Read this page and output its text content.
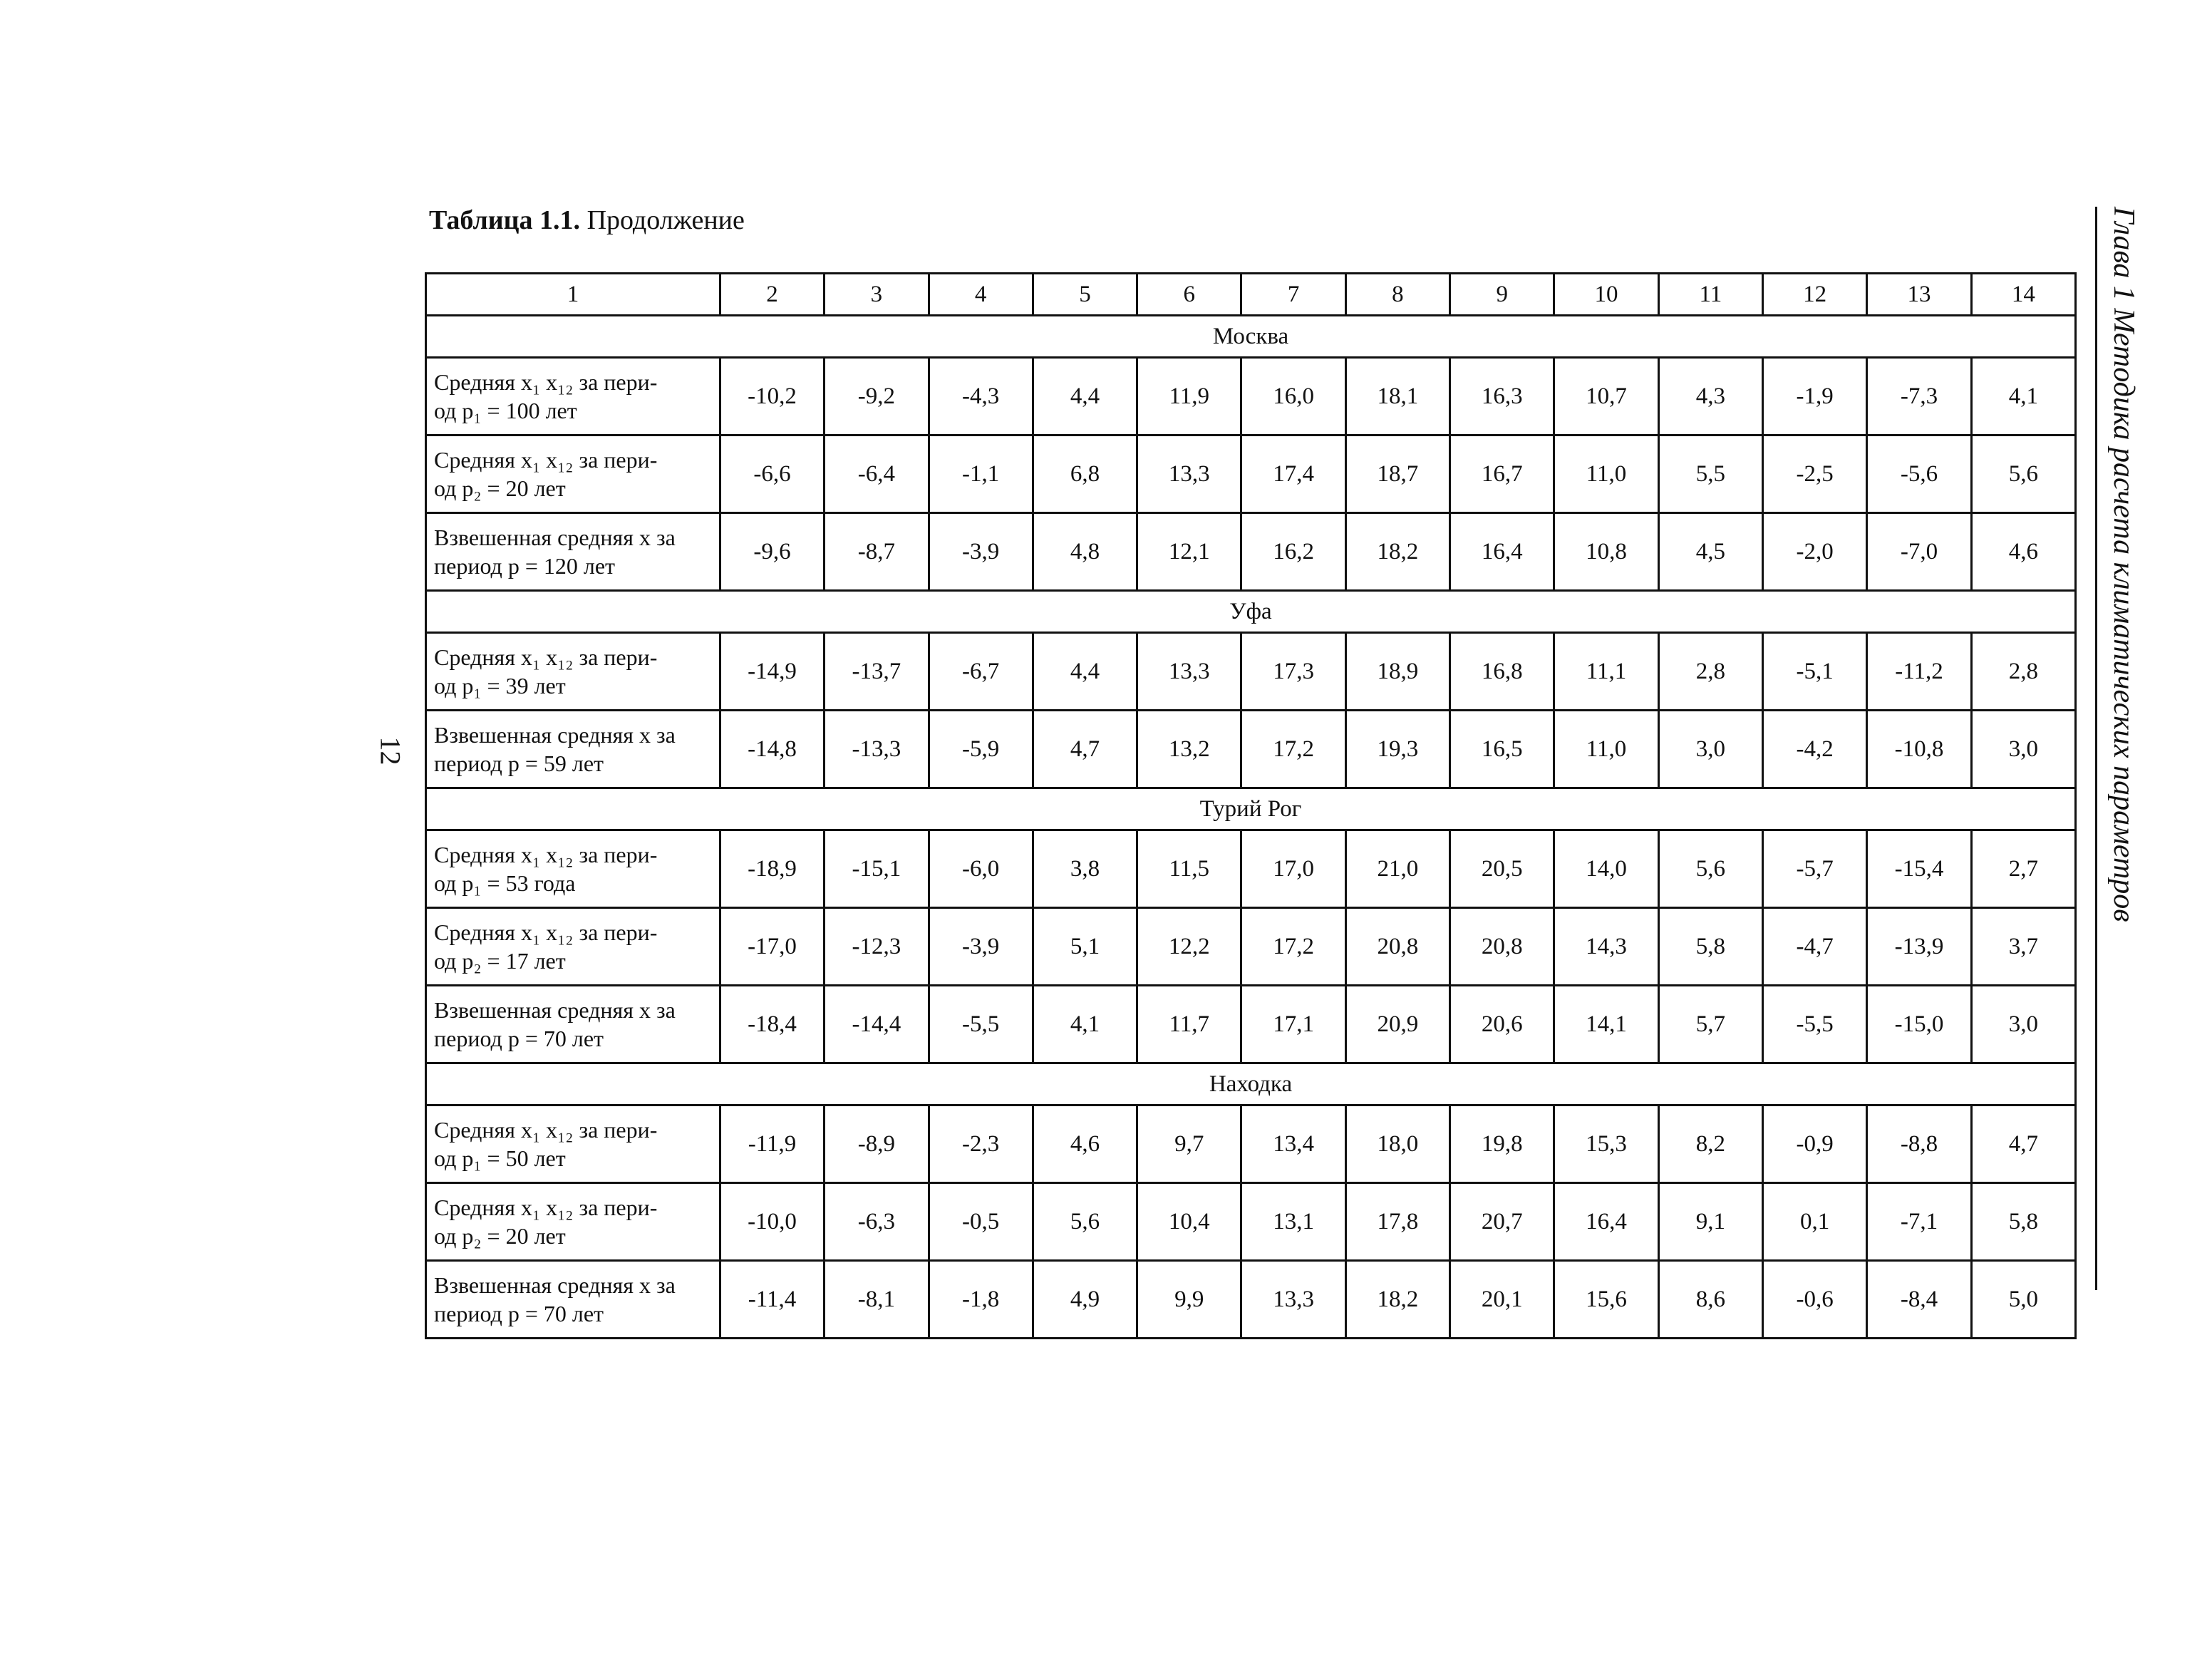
Таблица 1.1. Продолжение
12	Глава 1 Методика расчета климатических параметров
1	2	3	4	5	6	7	8	9	10	11	12	13	14
Москва													

Средняя x₁ x₁₂ за пери-
од p₁ = 100 лет	-10,2	-9,2	-4,3	4,4	11,9	16,0	18,1	16,3	10,7	4,3	-1,9	-7,3	4,1

Средняя x₁ x₁₂ за пери-
од p₂ = 20 лет	-6,6	-6,4	-1,1	6,8	13,3	17,4	18,7	16,7	11,0	5,5	-2,5	-5,6	5,6

Взвешенная средняя x за
период p = 120 лет	-9,6	-8,7	-3,9	4,8	12,1	16,2	18,2	16,4	10,8	4,5	-2,0	-7,0	4,6
Уфа													

Средняя x₁ x₁₂ за пери-
од p₁ = 39 лет	-14,9	-13,7	-6,7	4,4	13,3	17,3	18,9	16,8	11,1	2,8	-5,1	-11,2	2,8

Взвешенная средняя x за
период p = 59 лет	-14,8	-13,3	-5,9	4,7	13,2	17,2	19,3	16,5	11,0	3,0	-4,2	-10,8	3,0
Турий Рог													

Средняя x₁ x₁₂ за пери-
од p₁ = 53 года	-18,9	-15,1	-6,0	3,8	11,5	17,0	21,0	20,5	14,0	5,6	-5,7	-15,4	2,7

Средняя x₁ x₁₂ за пери-
од p₂ = 17 лет	-17,0	-12,3	-3,9	5,1	12,2	17,2	20,8	20,8	14,3	5,8	-4,7	-13,9	3,7

Взвешенная средняя x за
период p = 70 лет	-18,4	-14,4	-5,5	4,1	11,7	17,1	20,9	20,6	14,1	5,7	-5,5	-15,0	3,0
Находка													

Средняя x₁ x₁₂ за пери-
од p₁ = 50 лет	-11,9	-8,9	-2,3	4,6	9,7	13,4	18,0	19,8	15,3	8,2	-0,9	-8,8	4,7

Средняя x₁ x₁₂ за пери-
од p₂ = 20 лет	-10,0	-6,3	-0,5	5,6	10,4	13,1	17,8	20,7	16,4	9,1	0,1	-7,1	5,8

Взвешенная средняя x за
период p = 70 лет	-11,4	-8,1	-1,8	4,9	9,9	13,3	18,2	20,1	15,6	8,6	-0,6	-8,4	5,0
